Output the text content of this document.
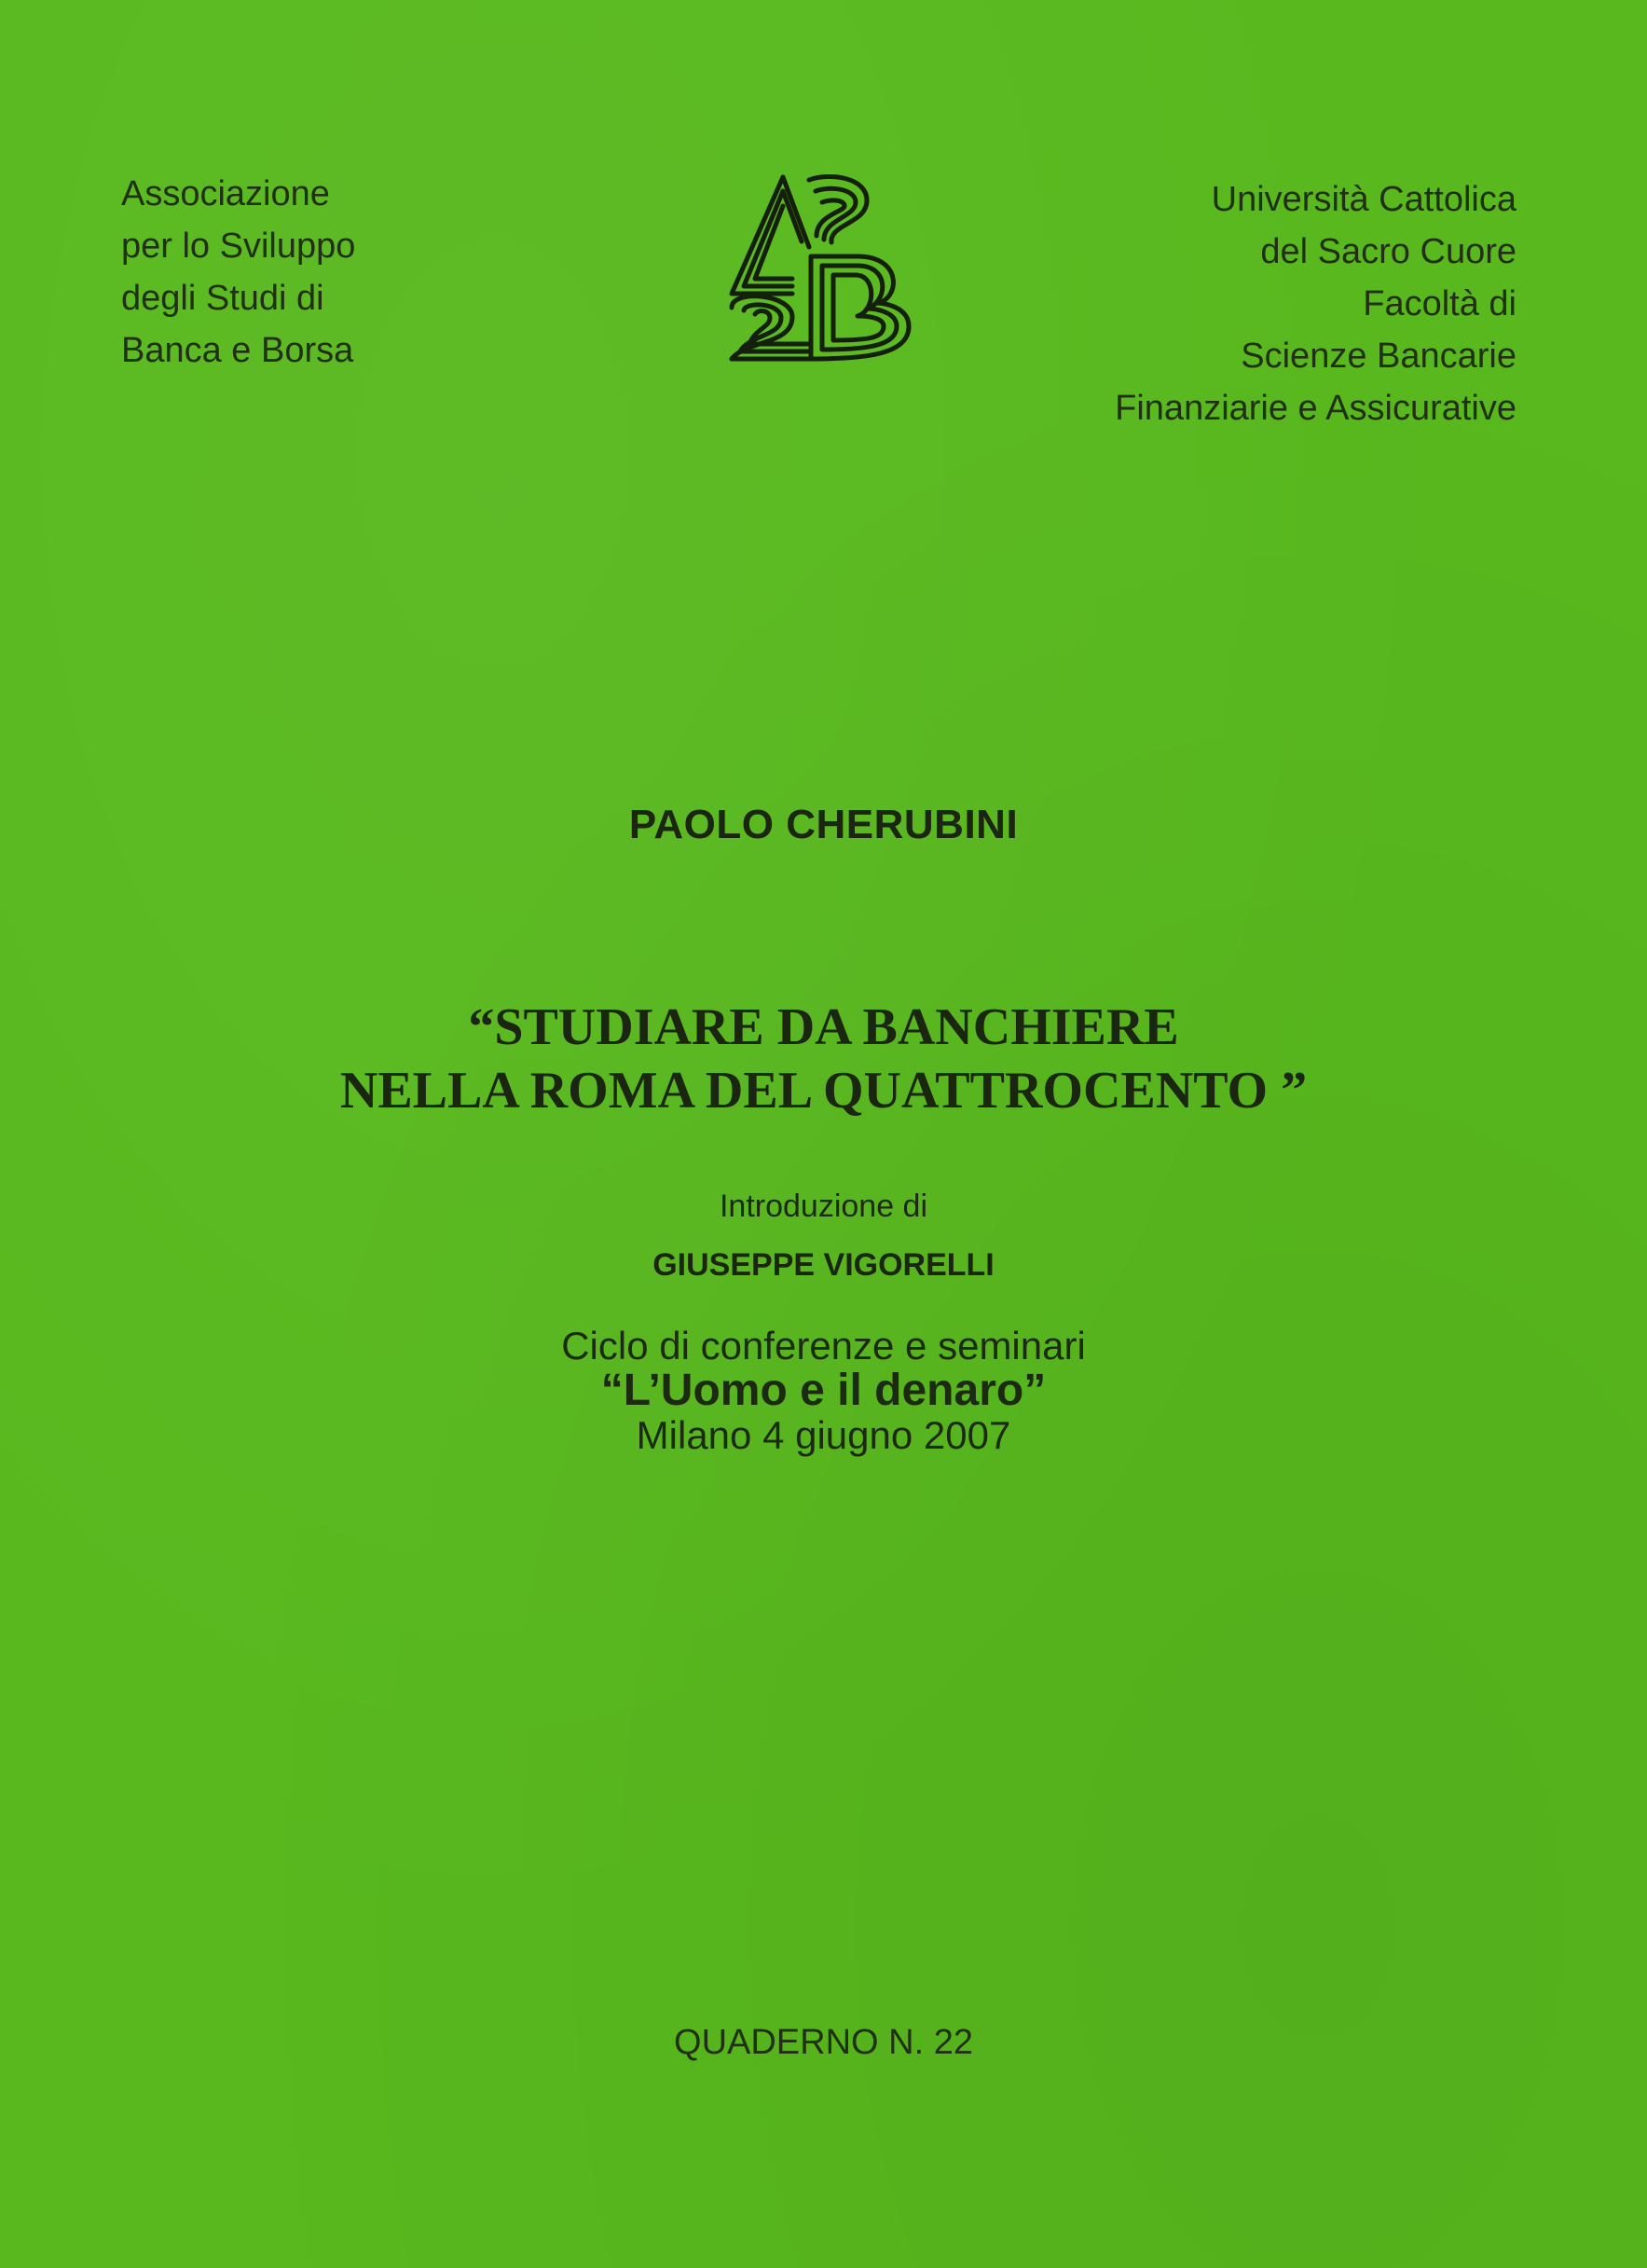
Associazione
per lo Sviluppo
degli Studi di
Banca e Borsa
Università Cattolica
del Sacro Cuore
Facoltà di
Scienze Bancarie
Finanziarie e Assicurative
PAOLO CHERUBINI
“STUDIARE DA BANCHIERE
NELLA ROMA DEL QUATTROCENTO ”
Introduzione di
GIUSEPPE VIGORELLI
Ciclo di conferenze e seminari
“L’Uomo e il denaro”
Milano 4 giugno 2007
QUADERNO N. 22
